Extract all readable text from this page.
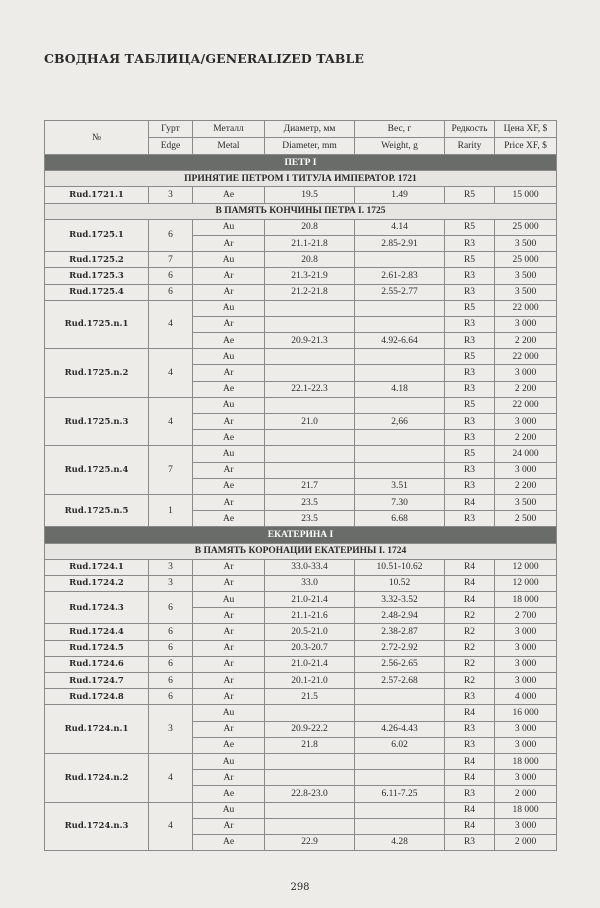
СВОДНАЯ ТАБЛИЦА/GENERALIZED TABLE
№	Гурт	Металл	Диаметр, мм	Вес, г	Редкость	Цена XF, $
	Edge	Metal	Diameter, mm	Weight, g	Rarity	Price XF, $
ПЕТР I						
ПРИНЯТИЕ ПЕТРОМ I ТИТУЛА ИМПЕРАТОР. 1721						
Rud.1721.1	3	Ae	19.5	1.49	R5	15 000
В ПАМЯТЬ КОНЧИНЫ ПЕТРА I. 1725						
Rud.1725.1	6	Au	20.8	4.14	R5	25 000
		Ar	21.1-21.8	2.85-2.91	R3	3 500
Rud.1725.2	7	Au	20.8		R5	25 000
Rud.1725.3	6	Ar	21.3-21.9	2.61-2.83	R3	3 500
Rud.1725.4	6	Ar	21.2-21.8	2.55-2.77	R3	3 500
Rud.1725.n.1	4	Au			R5	22 000
		Ar			R3	3 000
		Ae	20.9-21.3	4.92-6.64	R3	2 200
Rud.1725.n.2	4	Au			R5	22 000
		Ar			R3	3 000
		Ae	22.1-22.3	4.18	R3	2 200
Rud.1725.n.3	4	Au			R5	22 000
		Ar	21.0	2,66	R3	3 000
		Ae			R3	2 200
Rud.1725.n.4	7	Au			R5	24 000
		Ar			R3	3 000
		Ae	21.7	3.51	R3	2 200
Rud.1725.n.5	1	Ar	23.5	7.30	R4	3 500
		Ae	23.5	6.68	R3	2 500
ЕКАТЕРИНА I						
В ПАМЯТЬ КОРОНАЦИИ ЕКАТЕРИНЫ I. 1724						
Rud.1724.1	3	Ar	33.0-33.4	10.51-10.62	R4	12 000
Rud.1724.2	3	Ar	33.0	10.52	R4	12 000
Rud.1724.3	6	Au	21.0-21.4	3.32-3.52	R4	18 000
		Ar	21.1-21.6	2.48-2.94	R2	2 700
Rud.1724.4	6	Ar	20.5-21.0	2.38-2.87	R2	3 000
Rud.1724.5	6	Ar	20.3-20.7	2.72-2.92	R2	3 000
Rud.1724.6	6	Ar	21.0-21.4	2.56-2.65	R2	3 000
Rud.1724.7	6	Ar	20.1-21.0	2.57-2.68	R2	3 000
Rud.1724.8	6	Ar	21.5		R3	4 000
Rud.1724.n.1	3	Au			R4	16 000
		Ar	20.9-22.2	4.26-4.43	R3	3 000
		Ae	21.8	6.02	R3	3 000
Rud.1724.n.2	4	Au			R4	18 000
		Ar			R4	3 000
		Ae	22.8-23.0	6.11-7.25	R3	2 000
Rud.1724.n.3	4	Au			R4	18 000
		Ar			R4	3 000
		Ae	22.9	4.28	R3	2 000
298
